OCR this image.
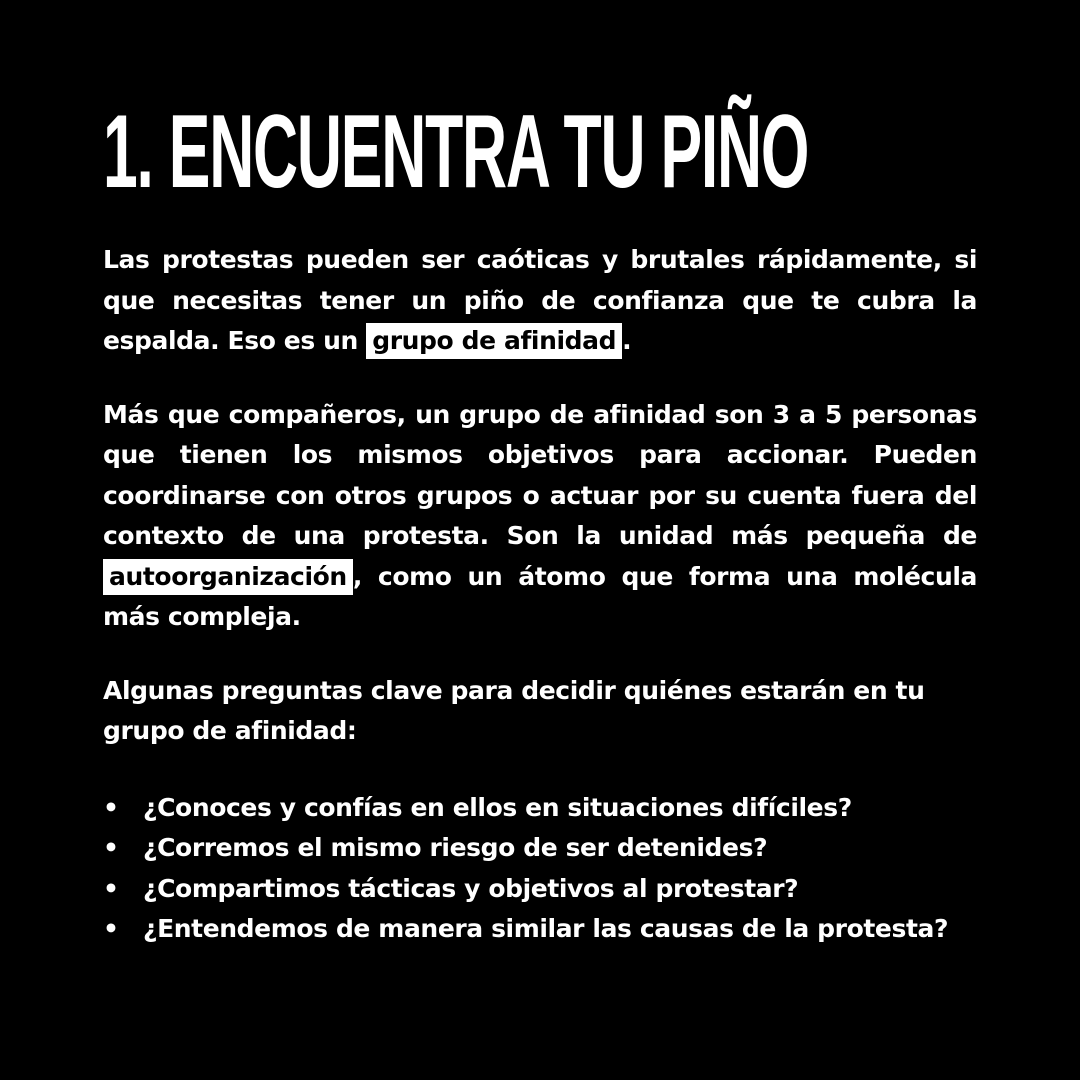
1. ENCUENTRA TU PIÑO

Las protestas pueden ser caóticas y brutales rápidamente, si que necesitas tener un piño de confianza que te cubra la espalda. Eso es un grupo de afinidad .

Más que compañeros, un grupo de afinidad son 3 a 5 personas que tienen los mismos objetivos para accionar. Pueden coordinarse con otros grupos o actuar por su cuenta fuera del contexto de una protesta. Son la unidad más pequeña de autoorganización , como un átomo que forma una molécula más compleja.

Algunas preguntas clave para decidir quiénes estarán en tu grupo de afinidad:

• ¿Conoces y confías en ellos en situaciones difíciles?
• ¿Corremos el mismo riesgo de ser detenides?
• ¿Compartimos tácticas y objetivos al protestar?
• ¿Entendemos de manera similar las causas de la protesta?
